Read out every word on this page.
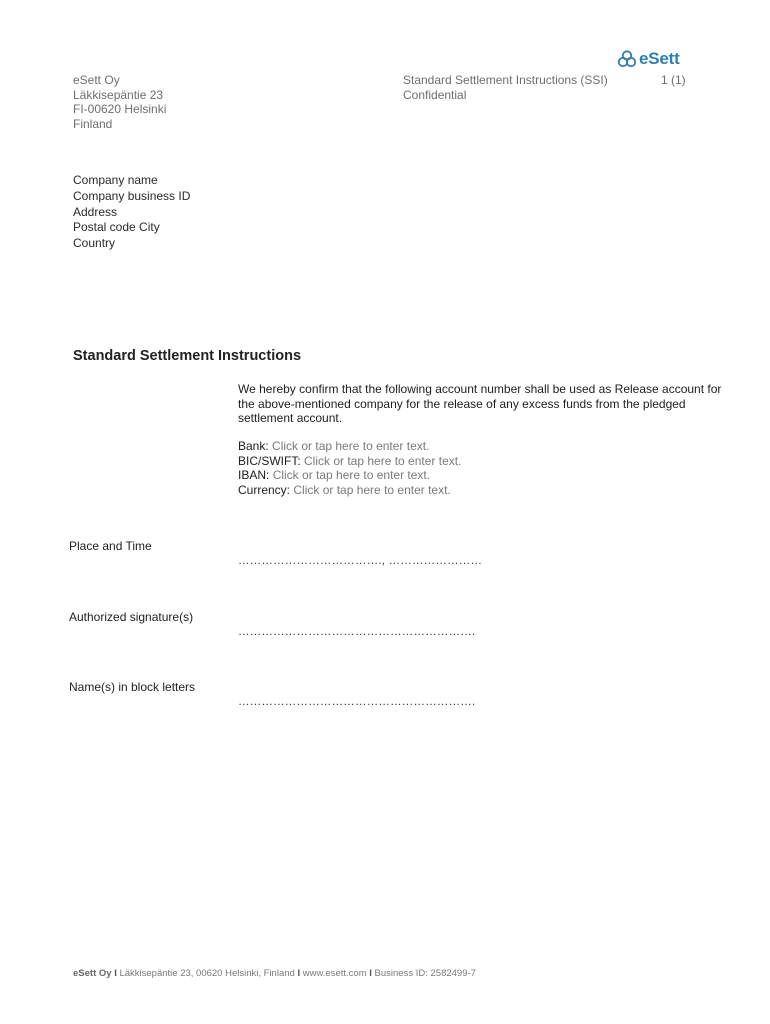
eSett
eSett Oy
Läkkisepäntie 23
FI-00620 Helsinki
Finland
Standard Settlement Instructions (SSI)
Confidential
1 (1)
Company name
Company business ID
Address
Postal code City
Country
Standard Settlement Instructions
We hereby confirm that the following account number shall be used as Release account for the above-mentioned company for the release of any excess funds from the pledged settlement account.
Bank: Click or tap here to enter text.
BIC/SWIFT: Click or tap here to enter text.
IBAN: Click or tap here to enter text.
Currency: Click or tap here to enter text.
Place and Time
………………………………., ……………………
Authorized signature(s)
…………………………………………………….
Name(s) in block letters
…………………………………………………….
eSett Oy I Läkkisepäntie 23, 00620 Helsinki, Finland I www.esett.com I Business ID: 2582499-7
